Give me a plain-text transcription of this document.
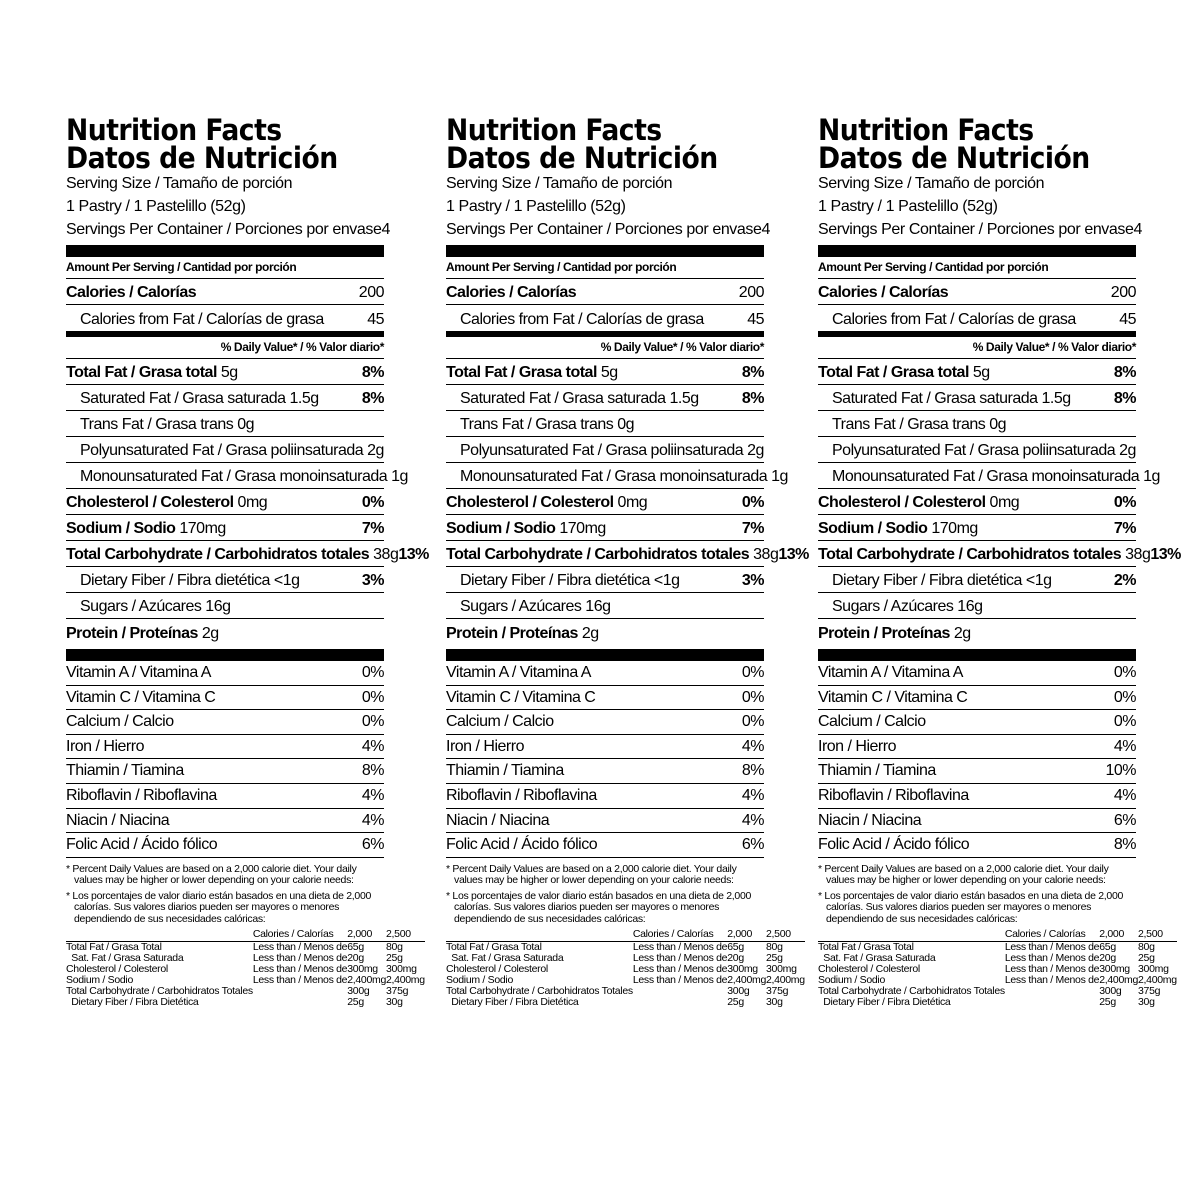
Nutrition Facts
Datos de Nutrición
Serving Size / Tamaño de porción
1 Pastry / 1 Pastelillo (52g)
Servings Per Container / Porciones por envase 4
Amount Per Serving / Cantidad por porción
Calories / Calorías	200
Calories from Fat / Calorías de grasa	45
% Daily Value* / % Valor diario*
Total Fat / Grasa total 5g	8%
Saturated Fat / Grasa saturada 1.5g	8%
Trans Fat / Grasa trans 0g
Polyunsaturated Fat / Grasa poliinsaturada 2g
Monounsaturated Fat / Grasa monoinsaturada 1g
Cholesterol / Colesterol 0mg	0%
Sodium / Sodio 170mg	7%
Total Carbohydrate / Carbohidratos totales 38g 13%
Dietary Fiber / Fibra dietética <1g	3%
Sugars / Azúcares 16g
Protein / Proteínas 2g
Vitamin A / Vitamina A	0%
Vitamin C / Vitamina C	0%
Calcium / Calcio	0%
Iron / Hierro	4%
Thiamin / Tiamina	8%
Riboflavin / Riboflavina	4%
Niacin / Niacina	4%
Folic Acid / Ácido fólico	6%

* Percent Daily Values are based on a 2,000 calorie diet. Your daily values may be higher or lower depending on your calorie needs:

* Los porcentajes de valor diario están basados en una dieta de 2,000 calorías. Sus valores diarios pueden ser mayores o menores dependiendo de sus necesidades calóricas:

	Calories / Calorías	2,000	2,500
Total Fat / Grasa Total	Less than / Menos de	65g	80g
Sat. Fat / Grasa Saturada	Less than / Menos de	20g	25g
Cholesterol / Colesterol	Less than / Menos de	300mg	300mg
Sodium / Sodio	Less than / Menos de	2,400mg	2,400mg
Total Carbohydrate / Carbohidratos Totales		300g	375g
Dietary Fiber / Fibra Dietética		25g	30g
Nutrition Facts
Datos de Nutrición
Serving Size / Tamaño de porción
1 Pastry / 1 Pastelillo (52g)
Servings Per Container / Porciones por envase 4
Amount Per Serving / Cantidad por porción
Calories / Calorías	200
Calories from Fat / Calorías de grasa	45
% Daily Value* / % Valor diario*
Total Fat / Grasa total 5g	8%
Saturated Fat / Grasa saturada 1.5g	8%
Trans Fat / Grasa trans 0g
Polyunsaturated Fat / Grasa poliinsaturada 2g
Monounsaturated Fat / Grasa monoinsaturada 1g
Cholesterol / Colesterol 0mg	0%
Sodium / Sodio 170mg	7%
Total Carbohydrate / Carbohidratos totales 38g 13%
Dietary Fiber / Fibra dietética <1g	3%
Sugars / Azúcares 16g
Protein / Proteínas 2g
Vitamin A / Vitamina A	0%
Vitamin C / Vitamina C	0%
Calcium / Calcio	0%
Iron / Hierro	4%
Thiamin / Tiamina	8%
Riboflavin / Riboflavina	4%
Niacin / Niacina	4%
Folic Acid / Ácido fólico	6%

* Percent Daily Values are based on a 2,000 calorie diet. Your daily values may be higher or lower depending on your calorie needs:

* Los porcentajes de valor diario están basados en una dieta de 2,000 calorías. Sus valores diarios pueden ser mayores o menores dependiendo de sus necesidades calóricas:

	Calories / Calorías	2,000	2,500
Total Fat / Grasa Total	Less than / Menos de	65g	80g
Sat. Fat / Grasa Saturada	Less than / Menos de	20g	25g
Cholesterol / Colesterol	Less than / Menos de	300mg	300mg
Sodium / Sodio	Less than / Menos de	2,400mg	2,400mg
Total Carbohydrate / Carbohidratos Totales		300g	375g
Dietary Fiber / Fibra Dietética		25g	30g
Nutrition Facts
Datos de Nutrición
Serving Size / Tamaño de porción
1 Pastry / 1 Pastelillo (52g)
Servings Per Container / Porciones por envase 4
Amount Per Serving / Cantidad por porción
Calories / Calorías	200
Calories from Fat / Calorías de grasa	45
% Daily Value* / % Valor diario*
Total Fat / Grasa total 5g	8%
Saturated Fat / Grasa saturada 1.5g	8%
Trans Fat / Grasa trans 0g
Polyunsaturated Fat / Grasa poliinsaturada 2g
Monounsaturated Fat / Grasa monoinsaturada 1g
Cholesterol / Colesterol 0mg	0%
Sodium / Sodio 170mg	7%
Total Carbohydrate / Carbohidratos totales 38g 13%
Dietary Fiber / Fibra dietética <1g	2%
Sugars / Azúcares 16g
Protein / Proteínas 2g
Vitamin A / Vitamina A	0%
Vitamin C / Vitamina C	0%
Calcium / Calcio	0%
Iron / Hierro	4%
Thiamin / Tiamina	10%
Riboflavin / Riboflavina	4%
Niacin / Niacina	6%
Folic Acid / Ácido fólico	8%

* Percent Daily Values are based on a 2,000 calorie diet. Your daily values may be higher or lower depending on your calorie needs:

* Los porcentajes de valor diario están basados en una dieta de 2,000 calorías. Sus valores diarios pueden ser mayores o menores dependiendo de sus necesidades calóricas:

	Calories / Calorías	2,000	2,500
Total Fat / Grasa Total	Less than / Menos de	65g	80g
Sat. Fat / Grasa Saturada	Less than / Menos de	20g	25g
Cholesterol / Colesterol	Less than / Menos de	300mg	300mg
Sodium / Sodio	Less than / Menos de	2,400mg	2,400mg
Total Carbohydrate / Carbohidratos Totales		300g	375g
Dietary Fiber / Fibra Dietética		25g	30g
